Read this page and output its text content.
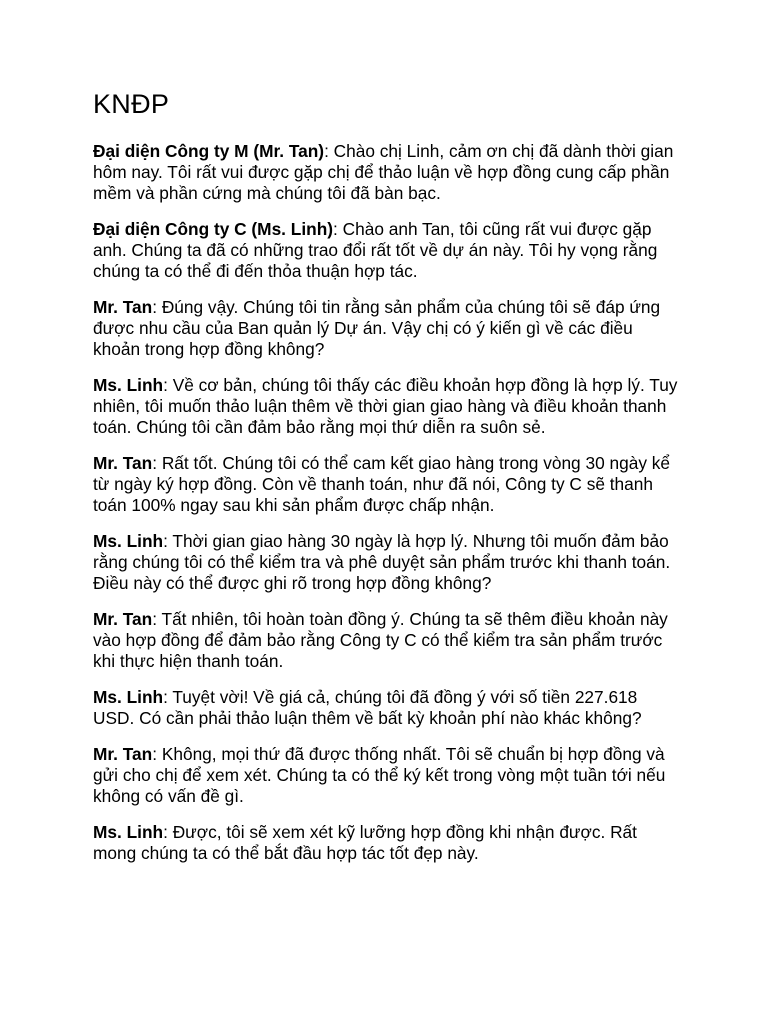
KNĐP

Đại diện Công ty M (Mr. Tan): Chào chị Linh, cảm ơn chị đã dành thời gian hôm nay. Tôi rất vui được gặp chị để thảo luận về hợp đồng cung cấp phần mềm và phần cứng mà chúng tôi đã bàn bạc.

Đại diện Công ty C (Ms. Linh): Chào anh Tan, tôi cũng rất vui được gặp anh. Chúng ta đã có những trao đổi rất tốt về dự án này. Tôi hy vọng rằng chúng ta có thể đi đến thỏa thuận hợp tác.

Mr. Tan: Đúng vậy. Chúng tôi tin rằng sản phẩm của chúng tôi sẽ đáp ứng được nhu cầu của Ban quản lý Dự án. Vậy chị có ý kiến gì về các điều khoản trong hợp đồng không?

Ms. Linh: Về cơ bản, chúng tôi thấy các điều khoản hợp đồng là hợp lý. Tuy nhiên, tôi muốn thảo luận thêm về thời gian giao hàng và điều khoản thanh toán. Chúng tôi cần đảm bảo rằng mọi thứ diễn ra suôn sẻ.

Mr. Tan: Rất tốt. Chúng tôi có thể cam kết giao hàng trong vòng 30 ngày kể từ ngày ký hợp đồng. Còn về thanh toán, như đã nói, Công ty C sẽ thanh toán 100% ngay sau khi sản phẩm được chấp nhận.

Ms. Linh: Thời gian giao hàng 30 ngày là hợp lý. Nhưng tôi muốn đảm bảo rằng chúng tôi có thể kiểm tra và phê duyệt sản phẩm trước khi thanh toán. Điều này có thể được ghi rõ trong hợp đồng không?

Mr. Tan: Tất nhiên, tôi hoàn toàn đồng ý. Chúng ta sẽ thêm điều khoản này vào hợp đồng để đảm bảo rằng Công ty C có thể kiểm tra sản phẩm trước khi thực hiện thanh toán.

Ms. Linh: Tuyệt vời! Về giá cả, chúng tôi đã đồng ý với số tiền 227.618 USD. Có cần phải thảo luận thêm về bất kỳ khoản phí nào khác không?

Mr. Tan: Không, mọi thứ đã được thống nhất. Tôi sẽ chuẩn bị hợp đồng và gửi cho chị để xem xét. Chúng ta có thể ký kết trong vòng một tuần tới nếu không có vấn đề gì.

Ms. Linh: Được, tôi sẽ xem xét kỹ lưỡng hợp đồng khi nhận được. Rất mong chúng ta có thể bắt đầu hợp tác tốt đẹp này.
